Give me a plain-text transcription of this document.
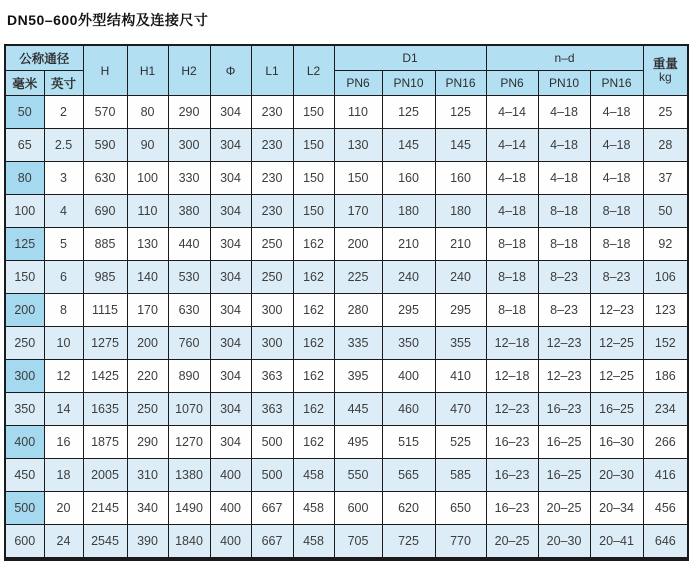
DN50–600外型结构及连接尺寸
公称通径		H	H1	H2	Φ	L1	L2	D1			n–d			重量
kg

毫米	英寸							PN6	PN10	PN16	PN6	PN10	PN16	
50	2	570	80	290	304	230	150	110	125	125	4–14	4–18	4–18	25
65	2.5	590	90	300	304	230	150	130	145	145	4–14	4–18	4–18	28
80	3	630	100	330	304	230	150	150	160	160	4–18	4–18	4–18	37
100	4	690	110	380	304	230	150	170	180	180	4–18	8–18	8–18	50
125	5	885	130	440	304	250	162	200	210	210	8–18	8–18	8–18	92
150	6	985	140	530	304	250	162	225	240	240	8–18	8–23	8–23	106
200	8	1115	170	630	304	300	162	280	295	295	8–18	8–23	12–23	123
250	10	1275	200	760	304	300	162	335	350	355	12–18	12–23	12–25	152
300	12	1425	220	890	304	363	162	395	400	410	12–18	12–23	12–25	186
350	14	1635	250	1070	304	363	162	445	460	470	12–23	16–23	16–25	234
400	16	1875	290	1270	304	500	162	495	515	525	16–23	16–25	16–30	266
450	18	2005	310	1380	400	500	458	550	565	585	16–23	16–25	20–30	416
500	20	2145	340	1490	400	667	458	600	620	650	16–23	20–25	20–34	456
600	24	2545	390	1840	400	667	458	705	725	770	20–25	20–30	20–41	646
